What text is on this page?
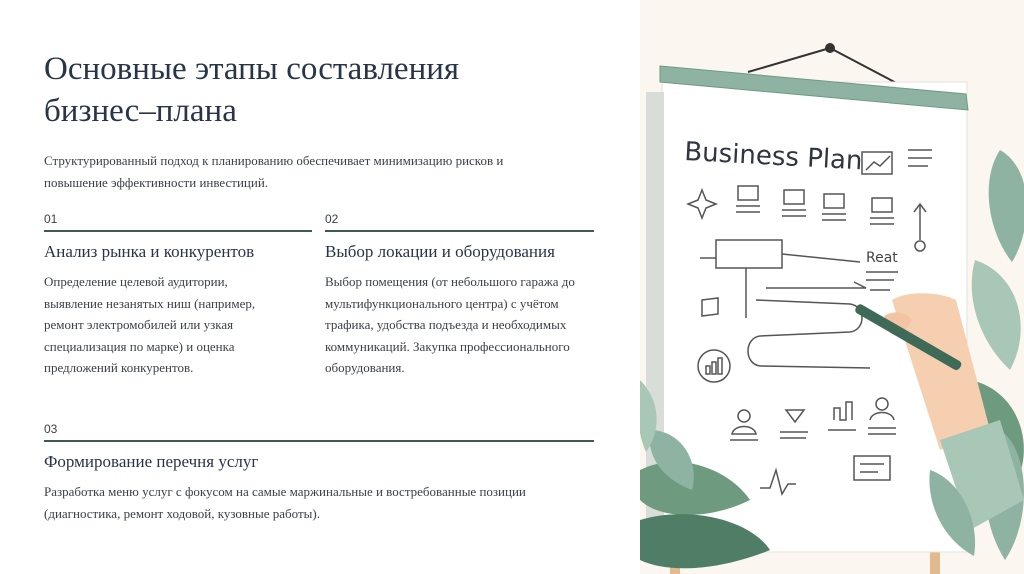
Основные этапы составления
бизнес–плана

Структурированный подход к планированию обеспечивает минимизацию рисков и
повышение эффективности инвестиций.

01
Анализ рынка и конкурентов
Определение целевой аудитории,
выявление незанятых ниш (например,
ремонт электромобилей или узкая
специализация по марке) и оценка
предложений конкурентов.
02
Выбор локации и оборудования
Выбор помещения (от небольшого гаража до
мультифункционального центра) с учётом
трафика, удобства подъезда и необходимых
коммуникаций. Закупка профессионального
оборудования.
03
Формирование перечня услуг
Разработка меню услуг с фокусом на самые маржинальные и востребованные позиции
(диагностика, ремонт ходовой, кузовные работы).
Business Plan
Reat
